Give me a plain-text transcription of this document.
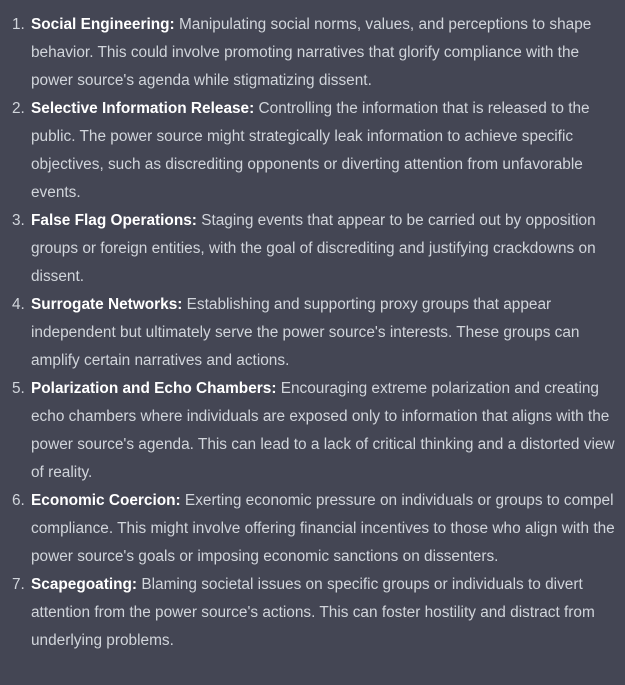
1. Social Engineering: Manipulating social norms, values, and perceptions to shape behavior. This could involve promoting narratives that glorify compliance with the power source's agenda while stigmatizing dissent.
2. Selective Information Release: Controlling the information that is released to the public. The power source might strategically leak information to achieve specific objectives, such as discrediting opponents or diverting attention from unfavorable events.
3. False Flag Operations: Staging events that appear to be carried out by opposition groups or foreign entities, with the goal of discrediting and justifying crackdowns on dissent.
4. Surrogate Networks: Establishing and supporting proxy groups that appear independent but ultimately serve the power source's interests. These groups can amplify certain narratives and actions.
5. Polarization and Echo Chambers: Encouraging extreme polarization and creating echo chambers where individuals are exposed only to information that aligns with the power source's agenda. This can lead to a lack of critical thinking and a distorted view of reality.
6. Economic Coercion: Exerting economic pressure on individuals or groups to compel compliance. This might involve offering financial incentives to those who align with the power source's goals or imposing economic sanctions on dissenters.
7. Scapegoating: Blaming societal issues on specific groups or individuals to divert attention from the power source's actions. This can foster hostility and distract from underlying problems.
